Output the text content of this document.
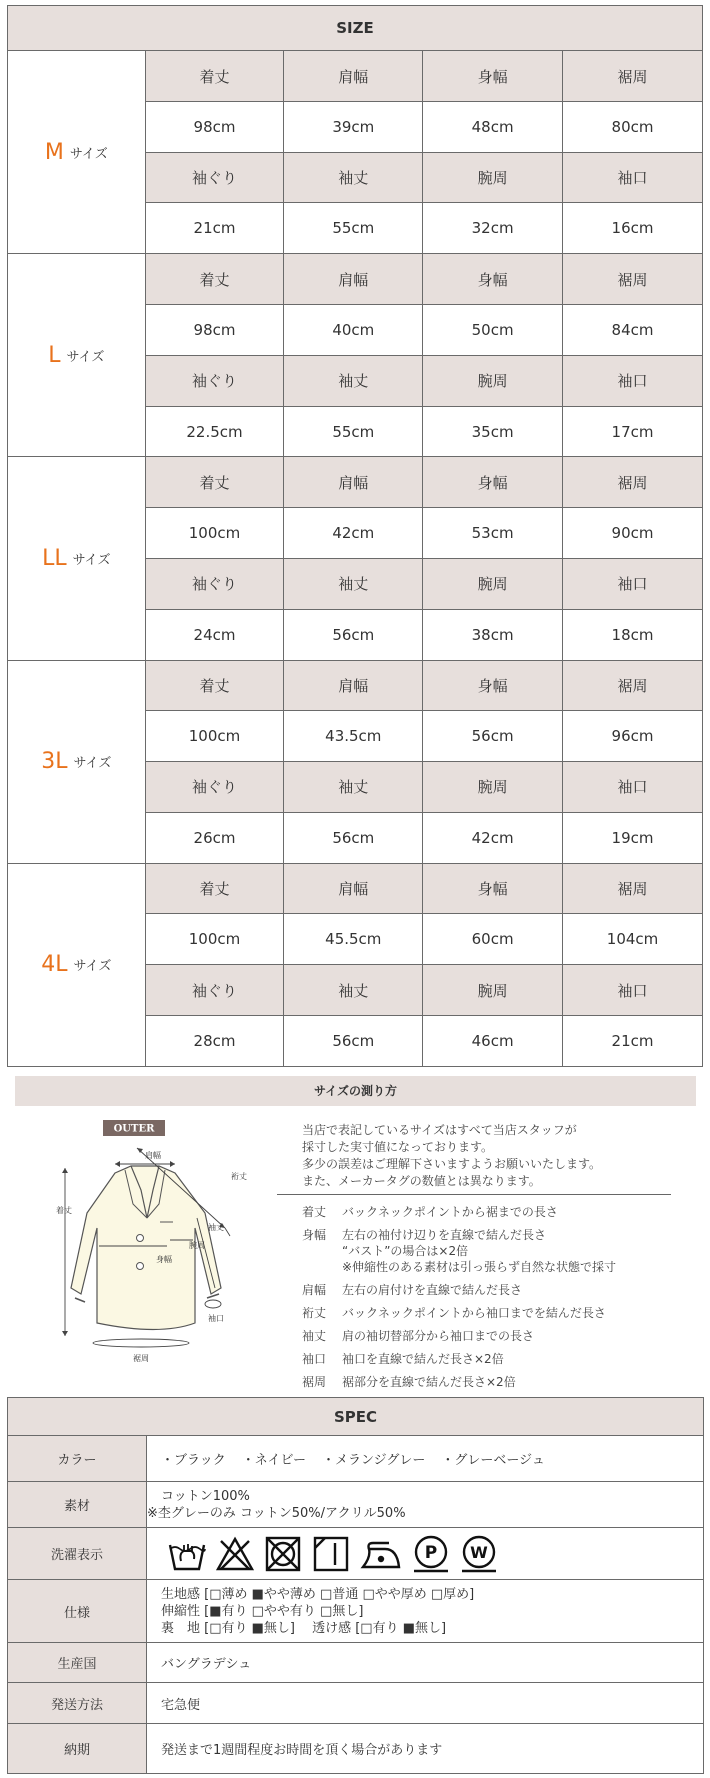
SIZE				
M サイズ	着丈	肩幅	身幅	裾周
	98cm	39cm	48cm	80cm
	袖ぐり	袖丈	腕周	袖口
	21cm	55cm	32cm	16cm
L サイズ	着丈	肩幅	身幅	裾周
	98cm	40cm	50cm	84cm
	袖ぐり	袖丈	腕周	袖口
	22.5cm	55cm	35cm	17cm
LL サイズ	着丈	肩幅	身幅	裾周
	100cm	42cm	53cm	90cm
	袖ぐり	袖丈	腕周	袖口
	24cm	56cm	38cm	18cm
3L サイズ	着丈	肩幅	身幅	裾周
	100cm	43.5cm	56cm	96cm
	袖ぐり	袖丈	腕周	袖口
	26cm	56cm	42cm	19cm
4L サイズ	着丈	肩幅	身幅	裾周
	100cm	45.5cm	60cm	104cm
	袖ぐり	袖丈	腕周	袖口
	28cm	56cm	46cm	21cm
サイズの測り方
OUTER
肩幅
着丈
裄丈
袖丈
腕周
身幅
袖口
裾周
当店で表記しているサイズはすべて当店スタッフが
採寸した実寸値になっております。
多少の誤差はご理解下さいますようお願いいたします。
また、メーカータグの数値とは異なります。
着丈	バックネックポイントから裾までの長さ
身幅	左右の袖付け辺りを直線で結んだ長さ
“バスト”の場合は×2倍
※伸縮性のある素材は引っ張らず自然な状態で採寸
肩幅	左右の肩付けを直線で結んだ長さ
裄丈	バックネックポイントから袖口までを結んだ長さ
袖丈	肩の袖切替部分から袖口までの長さ
袖口	袖口を直線で結んだ長さ×2倍
裾周	裾部分を直線で結んだ長さ×2倍
SPEC	
カラー	・ブラック ・ネイビー ・メランジグレー ・グレーベージュ
素材	コットン100%
※杢グレーのみ コットン50%/アクリル50%

洗濯表示	P W

仕様	生地感 [□薄め ■やや薄め □普通 □やや厚め □厚め]
伸縮性 [■有り □やや有り □無し]
裏　地 [□有り ■無し]　 透け感 [□有り ■無し]

生産国	バングラデシュ
発送方法	宅急便
納期	発送まで1週間程度お時間を頂く場合があります
